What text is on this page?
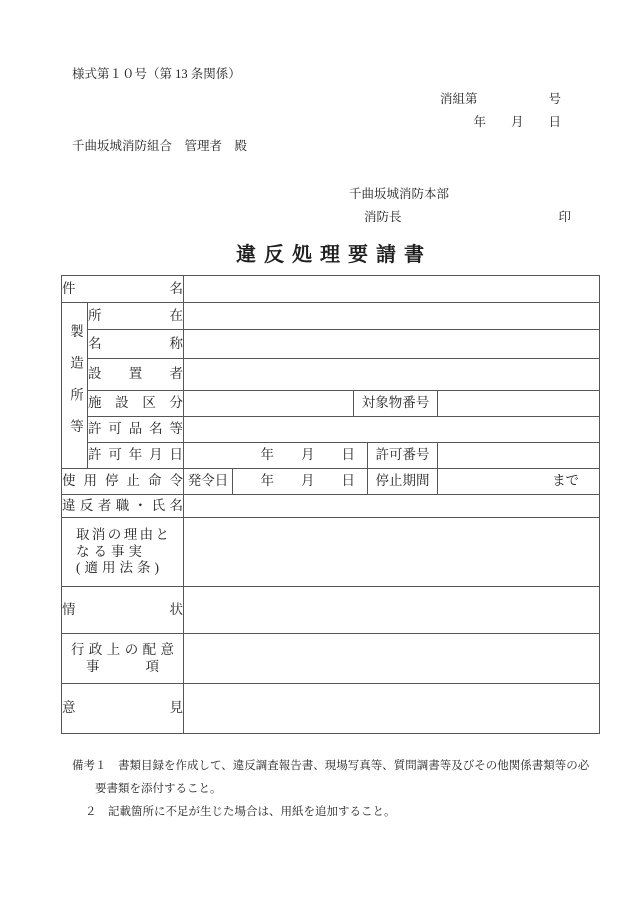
様式第１０号（第 13 条関係）
消組第	号
年　　月　　日
千曲坂城消防組合　管理者　殿
千曲坂城消防本部
消防長	印
違反処理要請書
件名						
製造所等	所在					
	名称					
	設置者					
	施設区分			対象物番号		
	許可品名等					
	許可年月日	年　　月　　日			許可番号	
使用停止命令		発令日	年　　月　　日		停止期間	まで
違反者職・氏名						

取消の理由と
なる事実
(適用法条)						

情状						

行政上の配意
事項						

意見						
備考１　書類目録を作成して、違反調査報告書、現場写真等、質問調書等及びその他関係書類等の必
要書類を添付すること。
２　記載箇所に不足が生じた場合は、用紙を追加すること。
